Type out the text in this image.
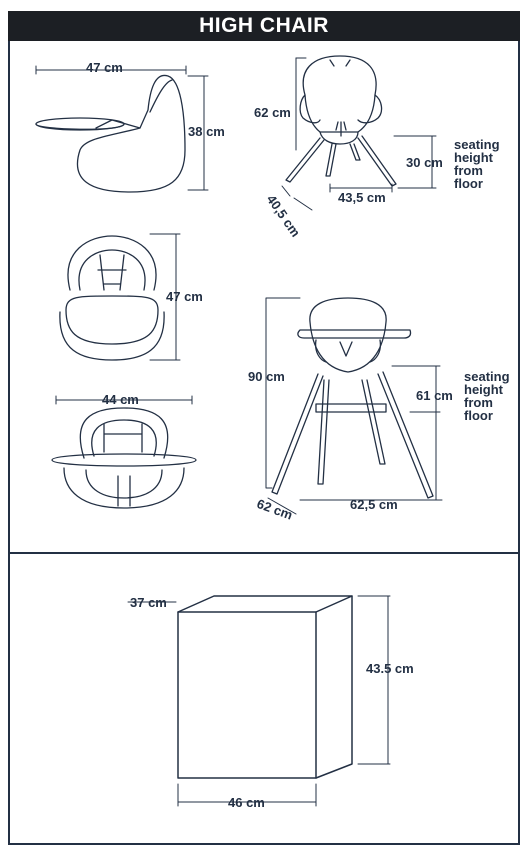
HIGH CHAIR
47 cm
38 cm
62 cm
30 cm
40,5 cm	43,5 cm
seating
height
from
floor
47 cm
44 cm
90 cm
61 cm
62 cm	62,5 cm
seating
height
from
floor
37 cm
43.5 cm
46 cm
